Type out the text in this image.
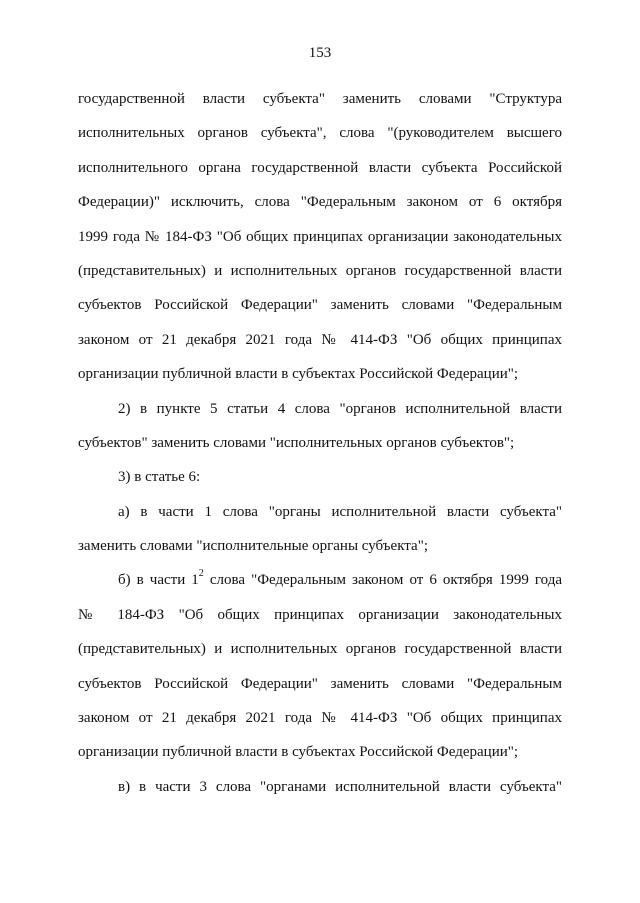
153
государственной власти субъекта" заменить словами "Структура
исполнительных органов субъекта", слова "(руководителем высшего
исполнительного органа государственной власти субъекта Российской
Федерации)" исключить, слова "Федеральным законом от 6 октября
1999 года № 184-ФЗ "Об общих принципах организации законодательных
(представительных) и исполнительных органов государственной власти
субъектов Российской Федерации" заменить словами "Федеральным
законом от 21 декабря 2021 года № 414-ФЗ "Об общих принципах
организации публичной власти в субъектах Российской Федерации";
2) в пункте 5 статьи 4 слова "органов исполнительной власти
субъектов" заменить словами "исполнительных органов субъектов";
3) в статье 6:
а) в части 1 слова "органы исполнительной власти субъекта"
заменить словами "исполнительные органы субъекта";
б) в части $1^2$ слова "Федеральным законом от 6 октября 1999 года
№ 184-ФЗ "Об общих принципах организации законодательных
(представительных) и исполнительных органов государственной власти
субъектов Российской Федерации" заменить словами "Федеральным
законом от 21 декабря 2021 года № 414-ФЗ "Об общих принципах
организации публичной власти в субъектах Российской Федерации";
в) в части 3 слова "органами исполнительной власти субъекта"
